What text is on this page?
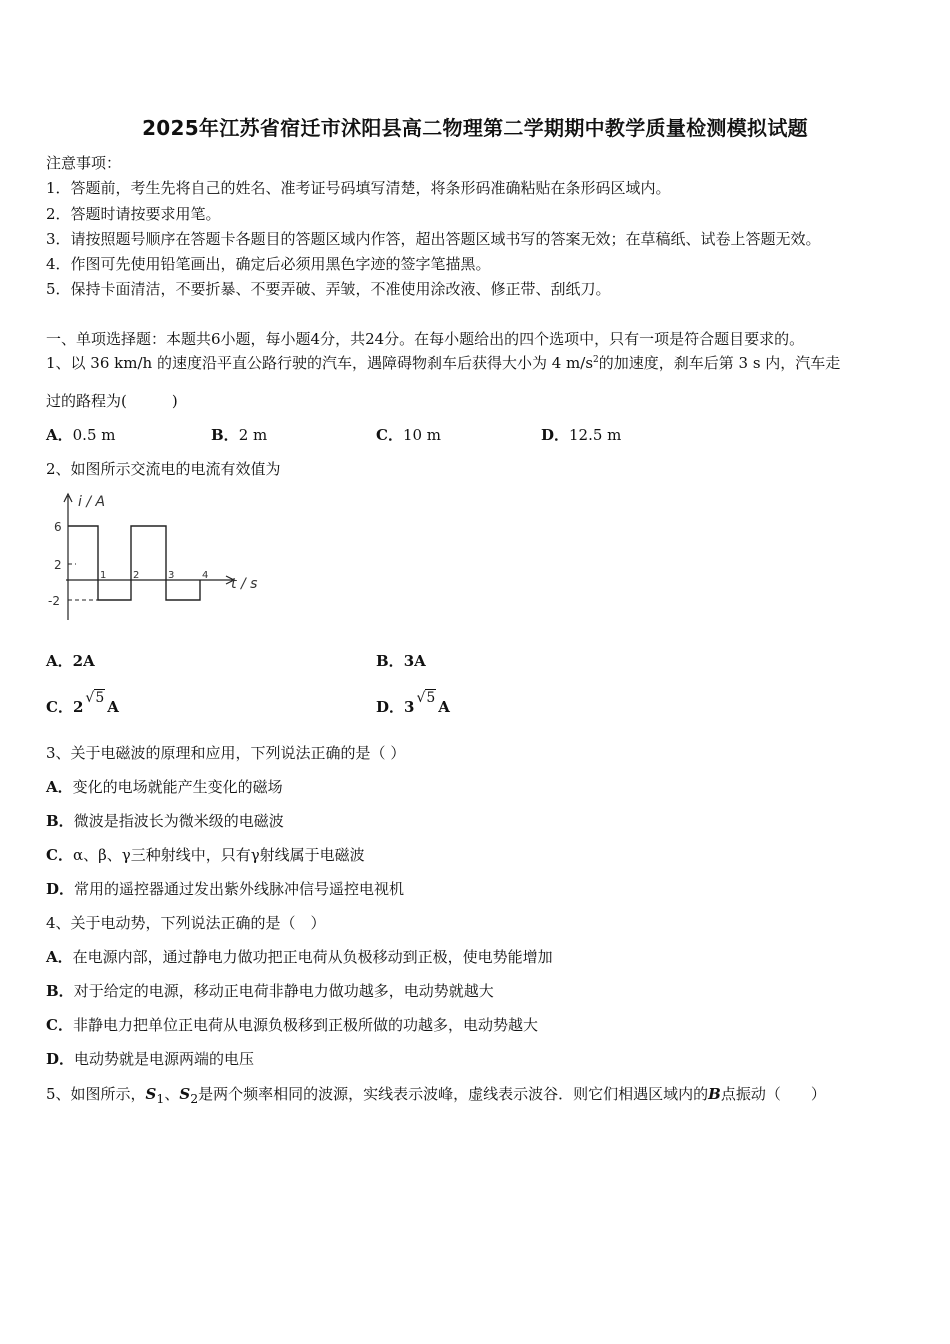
2025年江苏省宿迁市沭阳县高二物理第二学期期中教学质量检测模拟试题
注意事项：
1．答题前，考生先将自己的姓名、准考证号码填写清楚，将条形码准确粘贴在条形码区域内。
2．答题时请按要求用笔。
3．请按照题号顺序在答题卡各题目的答题区域内作答，超出答题区域书写的答案无效；在草稿纸、试卷上答题无效。
4．作图可先使用铅笔画出，确定后必须用黑色字迹的签字笔描黑。
5．保持卡面清洁，不要折暴、不要弄破、弄皱，不准使用涂改液、修正带、刮纸刀。
一、单项选择题：本题共6小题，每小题4分，共24分。在每小题给出的四个选项中，只有一项是符合题目要求的。
1、以 36 km/h 的速度沿平直公路行驶的汽车，遇障碍物刹车后获得大小为 4 $m/s^2$的加速度，刹车后第 3 s 内，汽车走
过的路程为(　　　)
A．0.5 m	B．2 m	C．10 m	D．12.5 m
2、如图所示交流电的电流有效值为
i / A
t / s
6
2
-2
1	2	3	4
A．2A	B．3A
C．2 √5 A	D．3 √5 A
3、关于电磁波的原理和应用，下列说法正确的是（ ）
A．变化的电场就能产生变化的磁场
B．微波是指波长为微米级的电磁波
C．α、β、γ三种射线中，只有γ射线属于电磁波
D．常用的遥控器通过发出紫外线脉冲信号遥控电视机
4、关于电动势，下列说法正确的是（　）
A．在电源内部，通过静电力做功把正电荷从负极移动到正极，使电势能增加
B．对于给定的电源，移动正电荷非静电力做功越多，电动势就越大
C．非静电力把单位正电荷从电源负极移到正极所做的功越多，电动势越大
D．电动势就是电源两端的电压
5、如图所示，$S_1$、$S_2$是两个频率相同的波源，实线表示波峰，虚线表示波谷．则它们相遇区域内的B点振动（　　）
